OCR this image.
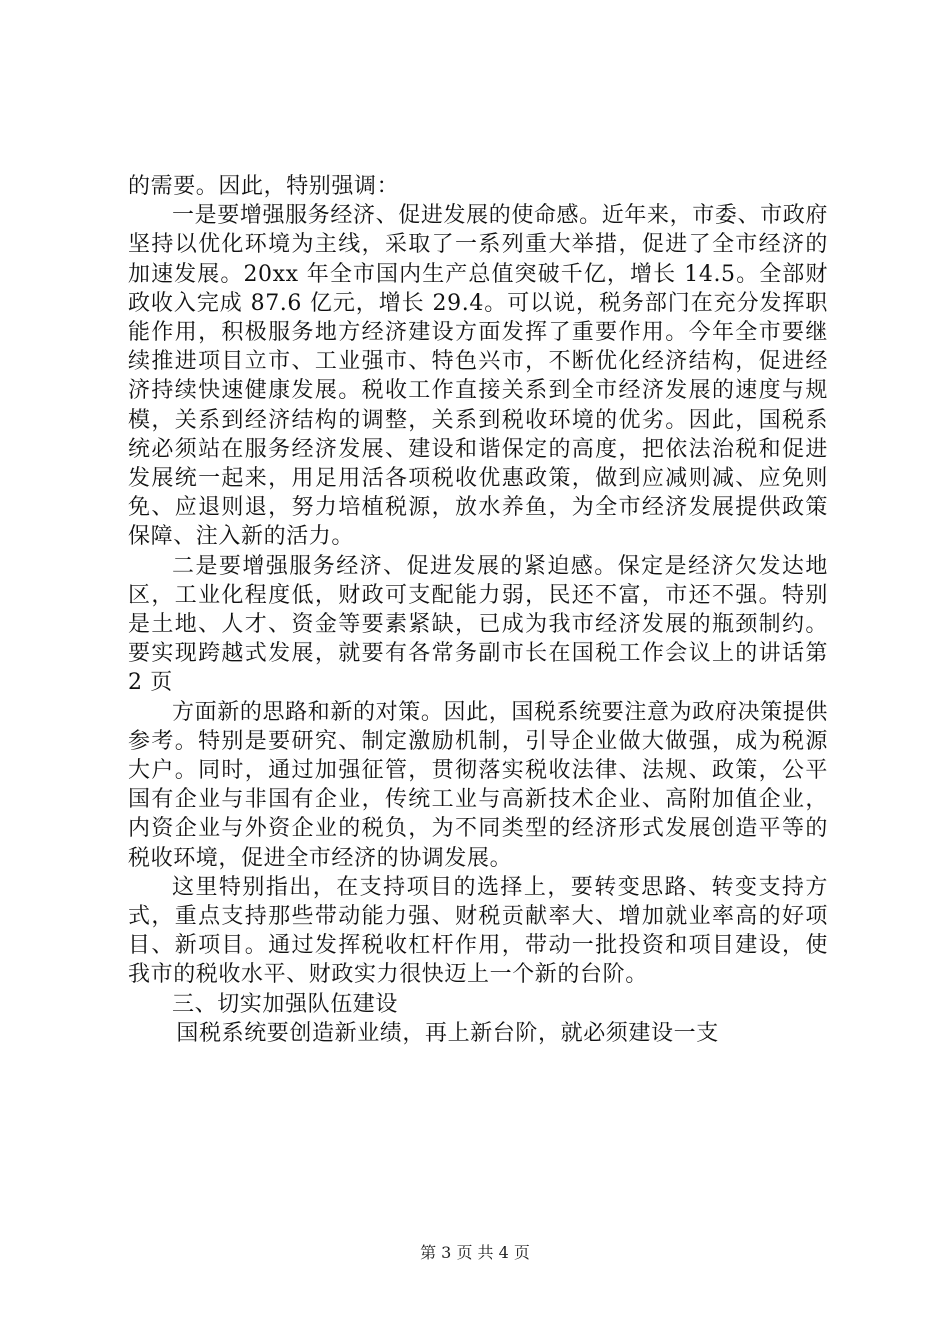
的需要。因此，特别强调：

一是要增强服务经济、促进发展的使命感。近年来，市委、市政府坚持以优化环境为主线，采取了一系列重大举措，促进了全市经济的加速发展。20xx 年全市国内生产总值突破千亿，增长 14.5。全部财政收入完成 87.6 亿元，增长 29.4。可以说，税务部门在充分发挥职能作用，积极服务地方经济建设方面发挥了重要作用。今年全市要继续推进项目立市、工业强市、特色兴市，不断优化经济结构，促进经济持续快速健康发展。税收工作直接关系到全市经济发展的速度与规模，关系到经济结构的调整，关系到税收环境的优劣。因此，国税系统必须站在服务经济发展、建设和谐保定的高度，把依法治税和促进发展统一起来，用足用活各项税收优惠政策，做到应减则减、应免则免、应退则退，努力培植税源，放水养鱼，为全市经济发展提供政策保障、注入新的活力。

二是要增强服务经济、促进发展的紧迫感。保定是经济欠发达地区，工业化程度低，财政可支配能力弱，民还不富，市还不强。特别是土地、人才、资金等要素紧缺，已成为我市经济发展的瓶颈制约。要实现跨越式发展，就要有各常务副市长在国税工作会议上的讲话第 2 页

方面新的思路和新的对策。因此，国税系统要注意为政府决策提供参考。特别是要研究、制定激励机制，引导企业做大做强，成为税源大户。同时，通过加强征管，贯彻落实税收法律、法规、政策，公平国有企业与非国有企业，传统工业与高新技术企业、高附加值企业，内资企业与外资企业的税负，为不同类型的经济形式发展创造平等的税收环境，促进全市经济的协调发展。

这里特别指出，在支持项目的选择上，要转变思路、转变支持方式，重点支持那些带动能力强、财税贡献率大、增加就业率高的好项目、新项目。通过发挥税收杠杆作用，带动一批投资和项目建设，使我市的税收水平、财政实力很快迈上一个新的台阶。

三、切实加强队伍建设

国税系统要创造新业绩，再上新台阶，就必须建设一支

第 3 页 共 4 页
